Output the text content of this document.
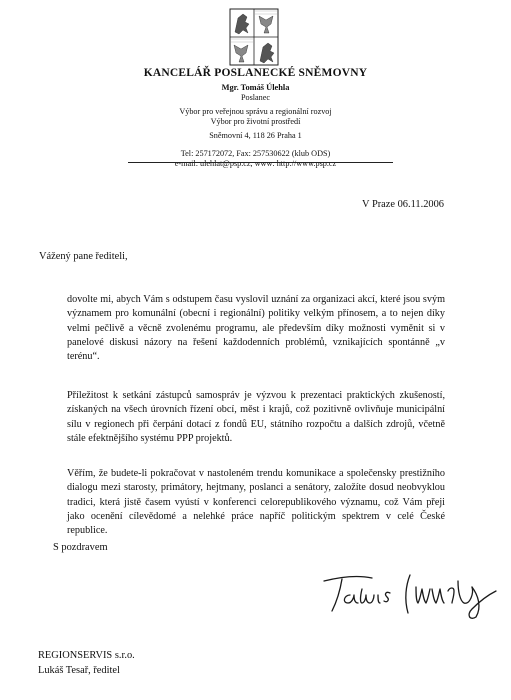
KANCELÁŘ POSLANECKÉ SNĚMOVNY
Mgr. Tomáš Úlehla
Poslanec
Výbor pro veřejnou správu a regionální rozvoj
Výbor pro životní prostředí
Sněmovní 4, 118 26 Praha 1
Tel: 257172072, Fax: 257530622 (klub ODS)
e-mail: ulehlat@psp.cz, www: http://www.psp.cz
V Praze 06.11.2006
Vážený pane řediteli,

dovolte mi, abych Vám s odstupem času vyslovil uznání za organizaci akcí, které jsou svým významem pro komunální (obecní i regionální) politiky velkým přínosem, a to nejen díky velmi pečlivě a věcně zvolenému programu, ale především díky možnosti vyměnit si v panelové diskusi názory na řešení každodenních problémů, vznikajících spontánně „v terénu“.

Příležitost k setkání zástupců samospráv je výzvou k prezentaci praktických zkušeností, získaných na všech úrovních řízení obcí, měst i krajů, což pozitivně ovlivňuje municipální sílu v regionech při čerpání dotací z fondů EU, státního rozpočtu a dalších zdrojů, včetně stále efektnějšího systému PPP projektů.

Věřím, že budete-li pokračovat v nastoleném trendu komunikace a společensky prestižního dialogu mezi starosty, primátory, hejtmany, poslanci a senátory, založíte dosud neobvyklou tradici, která jistě časem vyústí v konferenci celorepublikového významu, což Vám přeji jako ocenění cílevědomé a nelehké práce napříč politickým spektrem v celé České republice.

S pozdravem
REGIONSERVIS s.r.o.
Lukáš Tesař, ředitel
